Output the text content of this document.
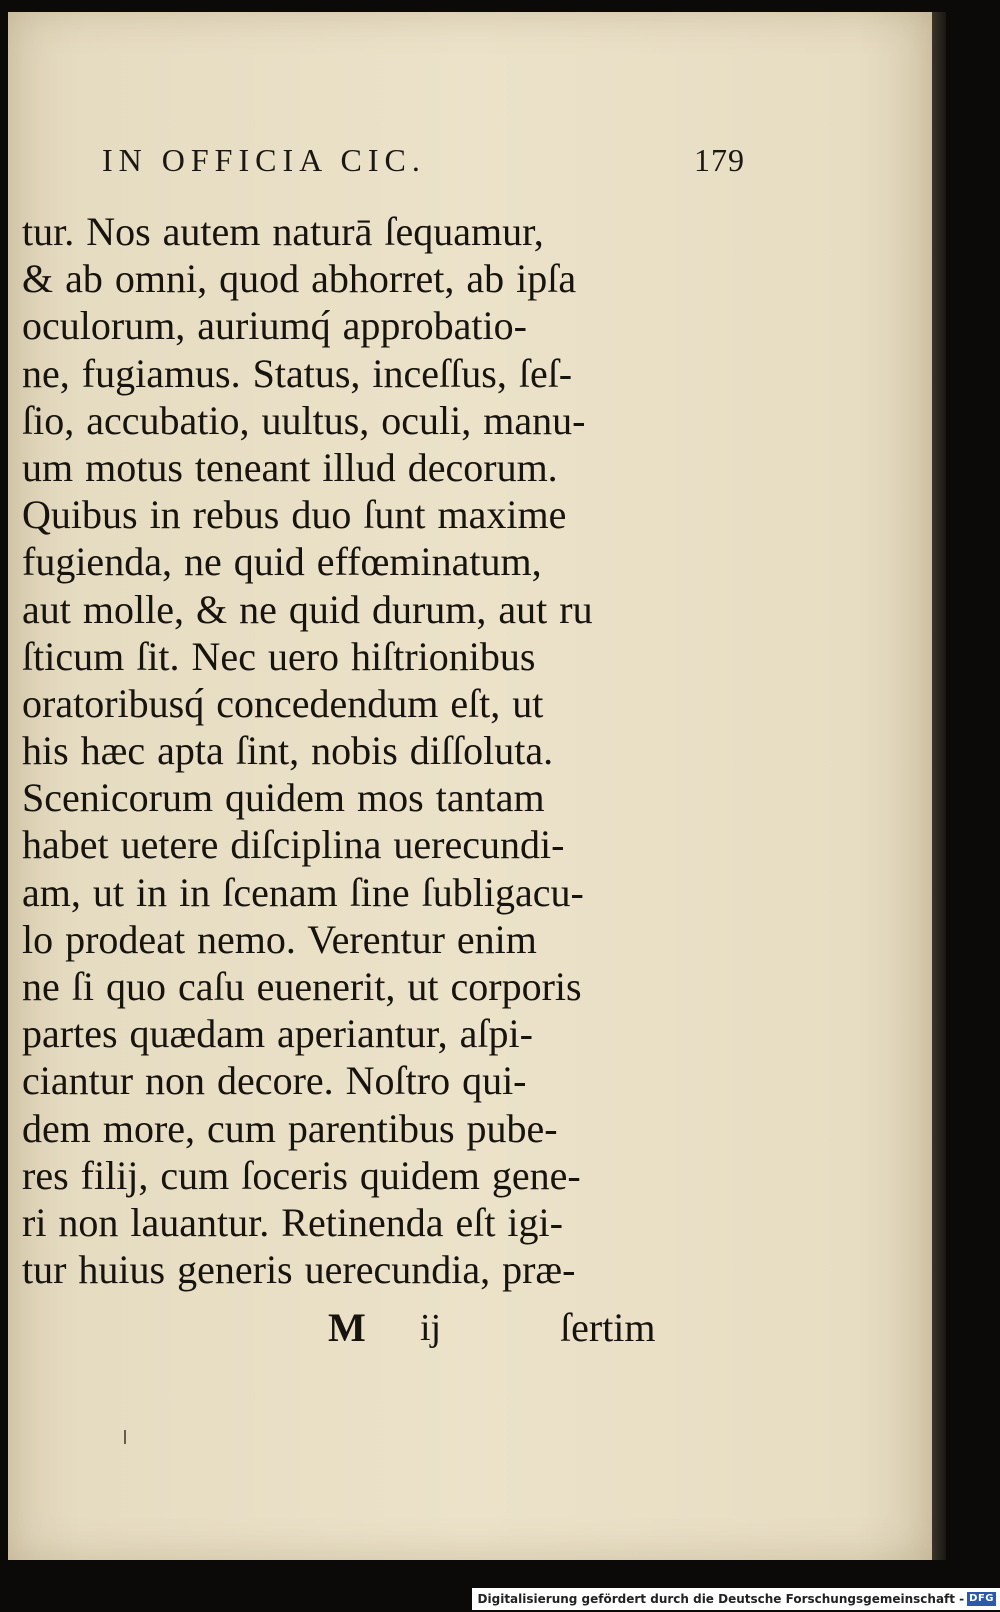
IN OFFICIA CIC.	179
tur. Nos autem naturā ſequamur,
& ab omni, quod abhorret, ab ipſa
oculorum, auriumq́ approbatio-
ne, fugiamus. Status, inceſſus, ſeſ-
ſio, accubatio, uultus, oculi, manu-
um motus teneant illud decorum.
Quibus in rebus duo ſunt maxime
fugienda, ne quid effœminatum,
aut molle, & ne quid durum, aut ru
ſticum ſit. Nec uero hiſtrionibus
oratoribusq́ concedendum eſt, ut
his hæc apta ſint, nobis diſſoluta.
Scenicorum quidem mos tantam
habet uetere diſciplina uerecundi-
am, ut in in ſcenam ſine ſubligacu-
lo prodeat nemo. Verentur enim
ne ſi quo caſu euenerit, ut corporis
partes quædam aperiantur, aſpi-
ciantur non decore. Noſtro qui-
dem more, cum parentibus pube-
res filij, cum ſoceris quidem gene-
ri non lauantur. Retinenda eſt igi-
tur huius generis uerecundia, præ-
M ij	ſertim
Digitalisierung gefördert durch die Deutsche Forschungsgemeinschaft - DFG
